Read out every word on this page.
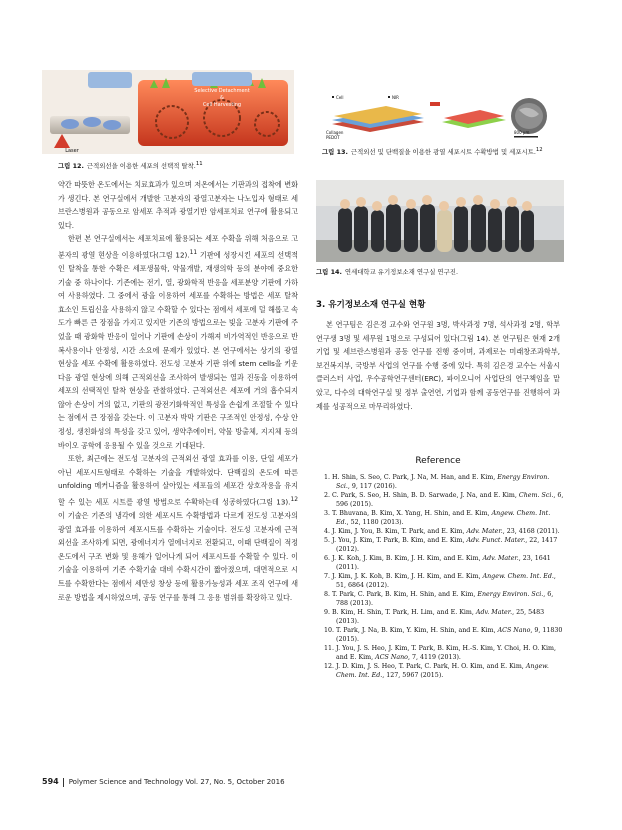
그림 12. 근적외선을 이용한 세포의 선택적 탈착.$^{11}$
그림 13. 근적외선 및 단백질을 이용한 광열 세포시트 수확방법 및 세포시트.$^{12}$
그림 14. 연세대학교 유기정보소재 연구실 연구진.
Selective Detachment
&
Cell Harvesting
Laser
Cell	NIR
Collagen
PEDOT
800 μm

약간 따뜻한 온도에서는 치료효과가 있으며 저온에서는 기판과의 접착에 변화가 생긴다. 본 연구실에서 개발한 고분자의 광열고분자는 나노입자 형태로 세브란스병원과 공동으로 암세포 추적과 광열기반 암세포치료 연구에 활용되고 있다.

한편 본 연구실에서는 세포치료에 활용되는 세포 수확을 위해 처음으로 고분자의 광열 현상을 이용하였다(그림 12).$^{11}$ 기판에 성장시킨 세포의 선택적인 탈착을 통한 수확은 세포생물학, 약물개발, 재생의학 등의 분야에 중요한 기술 중 하나이다. 기존에는 전기, 열, 광화학적 반응을 세포분양 기판에 가하여 사용하였다. 그 중에서 광을 이용하여 세포를 수확하는 방법은 세포 탈착 효소인 트립신을 사용하지 않고 수확할 수 있다는 점에서 세포에 덜 해롭고 속도가 빠른 큰 장점을 가지고 있지만 기존의 방법으로는 빛을 고분자 기판에 주었을 때 광화학 반응이 일어나 기판에 손상이 가해져 비가역적인 반응으로 반복사용이나 안정성, 시간 소요에 문제가 있었다. 본 연구에서는 상기의 광열 현상을 세포 수확에 활용하였다. 전도성 고분자 기판 위에 stem cells을 키운 다음 광열 현상에 의해 근적외선을 조사하여 발생되는 열과 진동을 이용하여 세포의 선택적인 탈착 현상을 관찰하였다. 근적외선은 세포에 거의 흡수되지 않아 손상이 거의 없고, 기판의 광전기화학적인 특성을 손쉽게 조절할 수 있다는 점에서 큰 장점을 갖는다. 이 고분자 박막 기판은 구조적인 안정성, 수상 안정성, 생친화성의 특성을 갖고 있어, 생약추에이터, 약물 방출체, 지지체 등의 바이오 공학에 응용될 수 있을 것으로 기대된다.

또한, 최근에는 전도성 고분자의 근적외선 광열 효과를 이용, 단일 세포가 아닌 세포시트형태로 수확하는 기술을 개발하였다. 단백질의 온도에 따른 unfolding 메커니즘을 활용하여 살아있는 세포들의 세포간 상호작용을 유지할 수 있는 세포 시트를 광열 방법으로 수확하는데 성공하였다(그림 13).$^{12}$ 이 기술은 기존의 냉각에 의한 세포시트 수확방법과 다르게 전도성 고분자의 광열 효과를 이용하여 세포시트를 수확하는 기술이다. 전도성 고분자에 근적외선을 조사하게 되면, 광에너지가 열에너지로 전환되고, 이때 단백질이 적정 온도에서 구조 변화 및 용해가 일어나게 되어 세포시트를 수확할 수 있다. 이 기술을 이용하여 기존 수확기술 대비 수확시간이 짧아졌으며, 대면적으로 시트를 수확한다는 점에서 세만성 창상 등에 활용가능성과 세포 조직 연구에 새로운 방법을 제시하였으며, 공동 연구를 통해 그 응용 범위를 확장하고 있다.

3. 유기정보소재 연구실 현황

본 연구팀은 김은경 교수와 연구원 3명, 박사과정 7명, 석사과정 2명, 학부연구생 3명 및 세무원 1명으로 구성되어 있다(그림 14). 본 연구팀은 현재 2개 기업 및 세브란스병원과 공동 연구를 진행 중이며, 과제로는 미래창조과학부, 보건복지부, 국방부 사업의 연구를 수행 중에 있다. 특히 김은경 교수는 서울시 클러스터 사업, 우수공학연구센터(ERC), 파이오니어 사업단의 연구책임을 맡았고, 다수의 대학연구실 및 정부 출연연, 기업과 함께 공동연구를 진행하여 과제를 성공적으로 마무리하였다.

Reference
1. H. Shin, S. Seo, C. Park, J. Na, M. Han, and E. Kim, Energy Environ. Sci., 9, 117 (2016).
2. C. Park, S. Seo, H. Shin, B. D. Sarwade, J. Na, and E. Kim, Chem. Sci., 6, 596 (2015).
3. T. Bhuvana, B. Kim, X. Yang, H. Shin, and E. Kim, Angew. Chem. Int. Ed., 52, 1180 (2013).
4. J. Kim, J. You, B. Kim, T. Park, and E. Kim, Adv. Mater., 23, 4168 (2011).
5. J. You, J. Kim, T. Park, B. Kim, and E. Kim, Adv. Funct. Mater., 22, 1417 (2012).
6. J. K. Koh, J. Kim, B. Kim, J. H. Kim, and E. Kim, Adv. Mater., 23, 1641 (2011).
7. J. Kim, J. K. Koh, B. Kim, J. H. Kim, and E. Kim, Angew. Chem. Int. Ed., 51, 6864 (2012).
8. T. Park, C. Park, B. Kim, H. Shin, and E. Kim, Energy Environ. Sci., 6, 788 (2013).
9. B. Kim, H. Shin, T. Park, H. Lim, and E. Kim, Adv. Mater., 25, 5483 (2013).
10. T. Park, J. Na, B. Kim, Y. Kim, H. Shin, and E. Kim, ACS Nano, 9, 11830 (2015).
11. J. You, J. S. Heo, J. Kim, T. Park, B. Kim, H.-S. Kim, Y. Choi, H. O. Kim, and E. Kim, ACS Nano, 7, 4119 (2013).
12. J. D. Kim, J. S. Heo, T. Park, C. Park, H. O. Kim, and E. Kim, Angew. Chem. Int. Ed., 127, 5967 (2015).
594 Polymer Science and Technology Vol. 27, No. 5, October 2016
